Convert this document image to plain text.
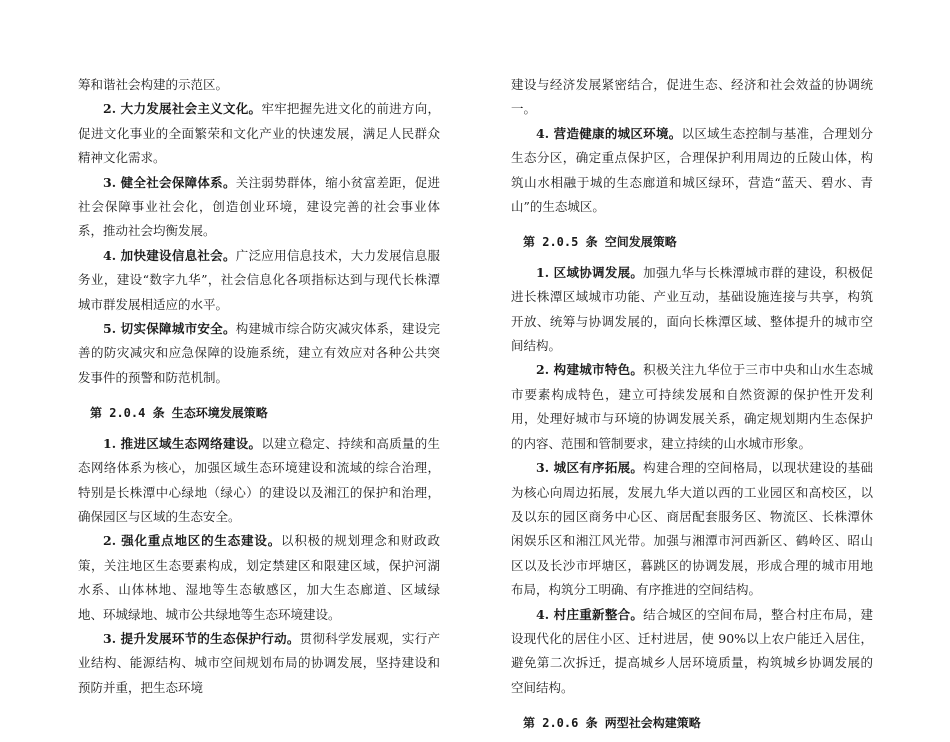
筹和谐社会构建的示范区。

2. 大力发展社会主义文化。牢牢把握先进文化的前进方向，促进文化事业的全面繁荣和文化产业的快速发展，满足人民群众精神文化需求。

3. 健全社会保障体系。关注弱势群体，缩小贫富差距，促进社会保障事业社会化，创造创业环境，建设完善的社会事业体系，推动社会均衡发展。

4. 加快建设信息社会。广泛应用信息技术，大力发展信息服务业，建设“数字九华”，社会信息化各项指标达到与现代长株潭城市群发展相适应的水平。

5. 切实保障城市安全。构建城市综合防灾减灾体系，建设完善的防灾减灾和应急保障的设施系统，建立有效应对各种公共突发事件的预警和防范机制。

第 2.0.4 条 生态环境发展策略

1. 推进区域生态网络建设。以建立稳定、持续和高质量的生态网络体系为核心，加强区域生态环境建设和流域的综合治理，特别是长株潭中心绿地（绿心）的建设以及湘江的保护和治理，确保园区与区域的生态安全。

2. 强化重点地区的生态建设。以积极的规划理念和财政政策，关注地区生态要素构成，划定禁建区和限建区域，保护河湖水系、山体林地、湿地等生态敏感区，加大生态廊道、区域绿地、环城绿地、城市公共绿地等生态环境建设。

3. 提升发展环节的生态保护行动。贯彻科学发展观，实行产业结构、能源结构、城市空间规划布局的协调发展，坚持建设和预防并重，把生态环境

建设与经济发展紧密结合，促进生态、经济和社会效益的协调统一。

4. 营造健康的城区环境。以区域生态控制与基准，合理划分生态分区，确定重点保护区，合理保护利用周边的丘陵山体，构筑山水相融于城的生态廊道和城区绿环，营造“蓝天、碧水、青山”的生态城区。

第 2.0.5 条 空间发展策略

1. 区域协调发展。加强九华与长株潭城市群的建设，积极促进长株潭区域城市功能、产业互动，基础设施连接与共享，构筑开放、统筹与协调发展的，面向长株潭区域、整体提升的城市空间结构。

2. 构建城市特色。积极关注九华位于三市中央和山水生态城市要素构成特色，建立可持续发展和自然资源的保护性开发利用，处理好城市与环境的协调发展关系，确定规划期内生态保护的内容、范围和管制要求，建立持续的山水城市形象。

3. 城区有序拓展。构建合理的空间格局，以现状建设的基础为核心向周边拓展，发展九华大道以西的工业园区和高校区，以及以东的园区商务中心区、商居配套服务区、物流区、长株潭休闲娱乐区和湘江风光带。加强与湘潭市河西新区、鹤岭区、昭山区以及长沙市坪塘区，暮跳区的协调发展，形成合理的城市用地布局，构筑分工明确、有序推进的空间结构。

4. 村庄重新整合。结合城区的空间布局，整合村庄布局，建设现代化的居住小区、迁村进居，使 90%以上农户能迁入居住，避免第二次拆迁，提高城乡人居环境质量，构筑城乡协调发展的空间结构。

第 2.0.6 条 两型社会构建策略
